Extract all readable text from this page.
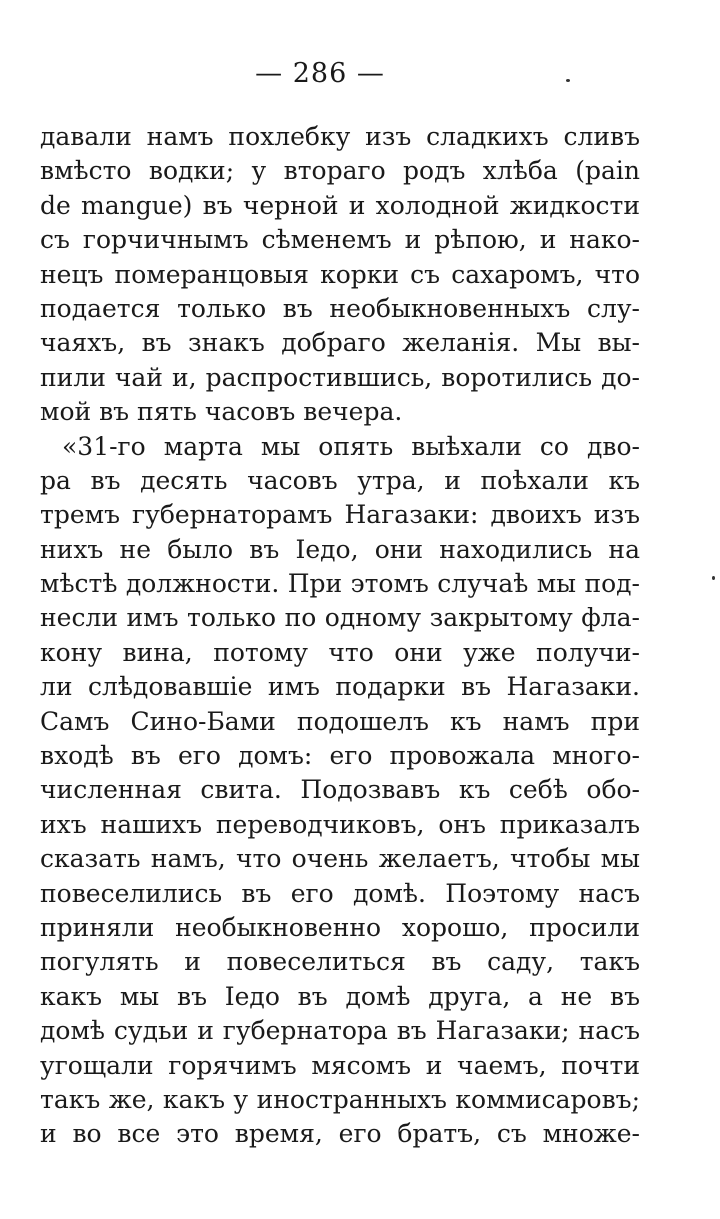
— 286 —
давали намъ похлебку изъ сладкихъ сливъ
вмѣсто водки; у втораго родъ хлѣба (pain
de mangue) въ черной и холодной жидкости
съ горчичнымъ сѣменемъ и рѣпою, и нако-
нецъ померанцовыя корки съ сахаромъ, что
подается только въ необыкновенныхъ слу-
чаяхъ, въ знакъ добраго желанія. Мы вы-
пили чай и, распростившись, воротились до-
мой въ пять часовъ вечера.
«31-го марта мы опять выѣхали со дво-
ра въ десять часовъ утра, и поѣхали къ
тремъ губернаторамъ Нагазаки: двоихъ изъ
нихъ не было въ Іедо, они находились на
мѣстѣ должности. При этомъ случаѣ мы под-
несли имъ только по одному закрытому фла-
кону вина, потому что они уже получи-
ли слѣдовавшіе имъ подарки въ Нагазаки.
Самъ Сино-Бами подошелъ къ намъ при
входѣ въ его домъ: его провожала много-
численная свита. Подозвавъ къ себѣ обо-
ихъ нашихъ переводчиковъ, онъ приказалъ
сказать намъ, что очень желаетъ, чтобы мы
повеселились въ его домѣ. Поэтому насъ
приняли необыкновенно хорошо, просили
погулять и повеселиться въ саду, такъ
какъ мы въ Іедо въ домѣ друга, а не въ
домѣ судьи и губернатора въ Нагазаки; насъ
угощали горячимъ мясомъ и чаемъ, почти
такъ же, какъ у иностранныхъ коммисаровъ;
и во все это время, его братъ, съ множе-
